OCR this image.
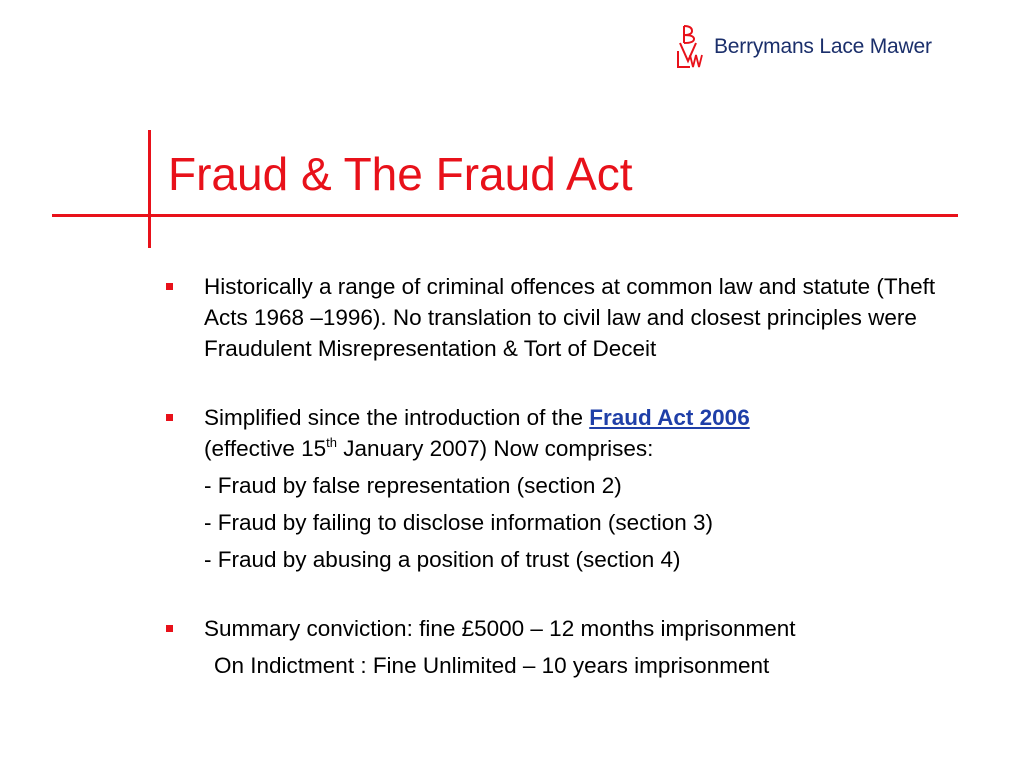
Berrymans Lace Mawer
Fraud & The Fraud Act
Historically a range of criminal offences at common law and statute (Theft Acts 1968 –1996). No translation to civil law and closest principles were Fraudulent Misrepresentation & Tort of Deceit
Simplified since the introduction of the Fraud Act 2006
(effective 15th January 2007) Now comprises:
- Fraud by false representation (section 2)
- Fraud by failing to disclose information (section 3)
- Fraud by abusing a position of trust (section 4)
Summary conviction: fine £5000 – 12 months imprisonment
On Indictment : Fine Unlimited – 10 years imprisonment
